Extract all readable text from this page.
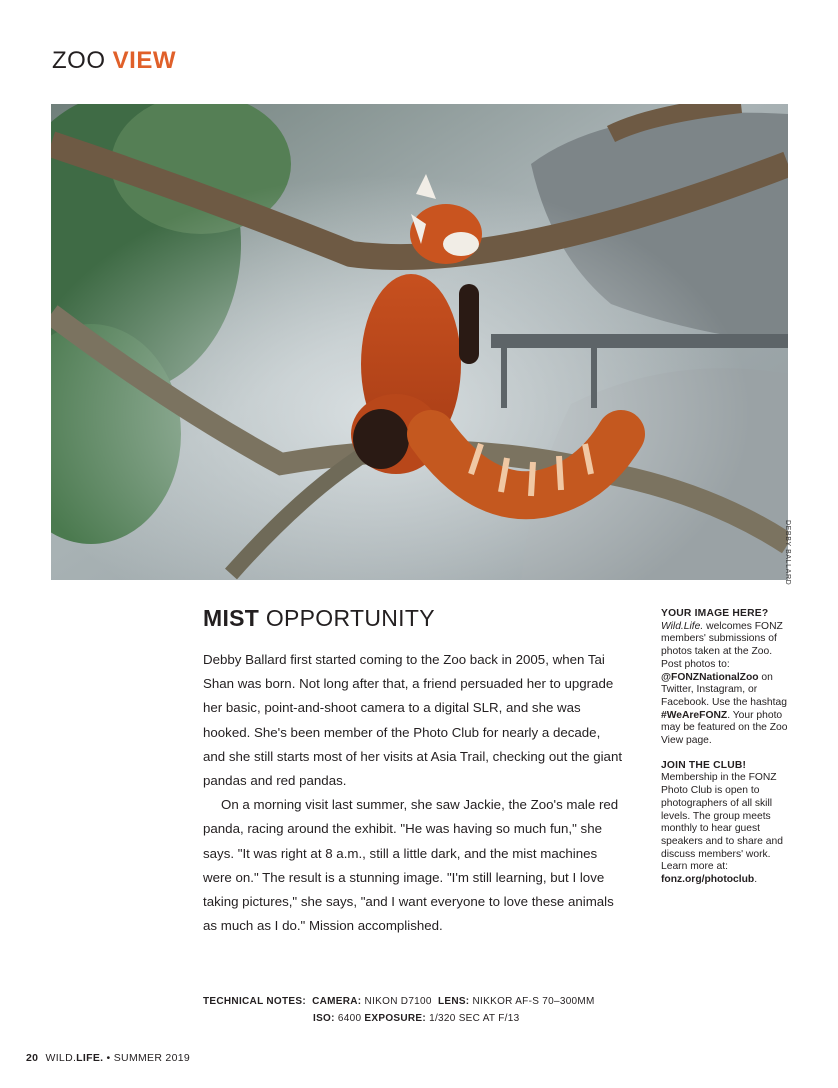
ZOO VIEW
DEBBY BALLARD
MIST OPPORTUNITY

Debby Ballard first started coming to the Zoo back in 2005, when Tai Shan was born. Not long after that, a friend persuaded her to upgrade her basic, point-and-shoot camera to a digital SLR, and she was hooked. She's been member of the Photo Club for nearly a decade, and she still starts most of her visits at Asia Trail, checking out the giant pandas and red pandas.

On a morning visit last summer, she saw Jackie, the Zoo's male red panda, racing around the exhibit. "He was having so much fun," she says. "It was right at 8 a.m., still a little dark, and the mist machines were on." The result is a stunning image. "I'm still learning, but I love taking pictures," she says, "and I want everyone to love these animals as much as I do." Mission accomplished.

YOUR IMAGE HERE?
Wild.Life. welcomes FONZ members' submissions of photos taken at the Zoo. Post photos to: @FONZNationalZoo on Twitter, Instagram, or Facebook. Use the hashtag #WeAreFONZ. Your photo may be featured on the Zoo View page.
JOIN THE CLUB!
Membership in the FONZ Photo Club is open to photographers of all skill levels. The group meets monthly to hear guest speakers and to share and discuss members' work. Learn more at: fonz.org/photoclub.
TECHNICAL NOTES: CAMERA: NIKON D7100 LENS: NIKKOR AF-S 70–300MM
ISO: 6400 EXPOSURE: 1/320 SEC AT F/13
20 WILD.LIFE. • SUMMER 2019
